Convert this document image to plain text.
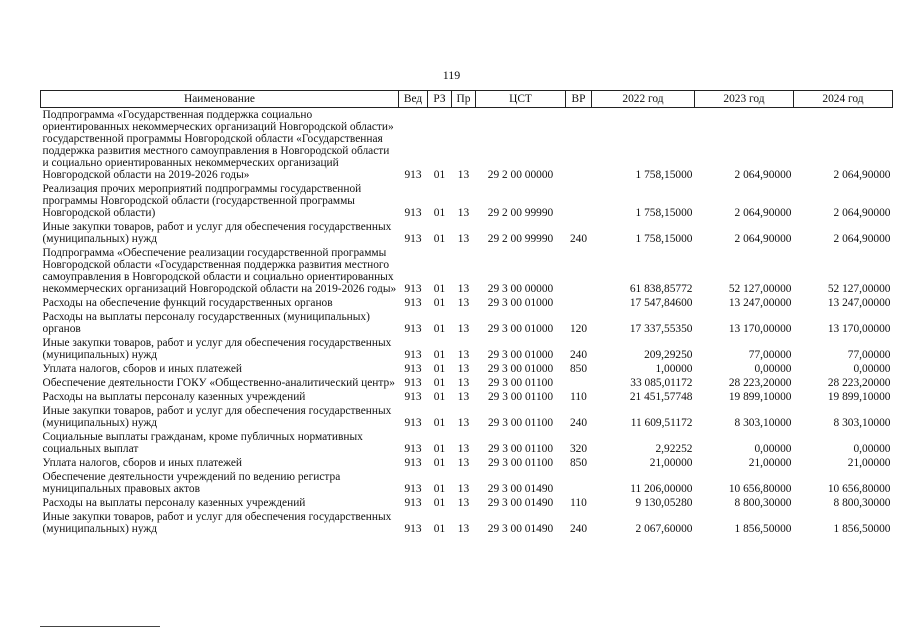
119
Наименование	Вед	РЗ	Пр	ЦСТ	ВР	2022 год	2023 год	2024 год
Подпрограмма «Государственная поддержка социально ориентированных некоммерческих организаций Новгородской области» государственной программы Новгородской области «Государственная поддержка развития местного самоуправления в Новгородской области и социально ориентированных некоммерческих организаций Новгородской области на 2019-2026 годы»	913	01	13	29 2 00 00000		1 758,15000	2 064,90000	2 064,90000
Реализация прочих мероприятий подпрограммы государственной программы Новгородской области (государственной программы Новгородской области)	913	01	13	29 2 00 99990		1 758,15000	2 064,90000	2 064,90000
Иные закупки товаров, работ и услуг для обеспечения государственных (муниципальных) нужд	913	01	13	29 2 00 99990	240	1 758,15000	2 064,90000	2 064,90000
Подпрограмма «Обеспечение реализации государственной программы Новгородской области «Государственная поддержка развития местного самоуправления в Новгородской области и социально ориентированных некоммерческих организаций Новгородской области на 2019-2026 годы»	913	01	13	29 3 00 00000		61 838,85772	52 127,00000	52 127,00000
Расходы на обеспечение функций государственных органов	913	01	13	29 3 00 01000		17 547,84600	13 247,00000	13 247,00000
Расходы на выплаты персоналу государственных (муниципальных) органов	913	01	13	29 3 00 01000	120	17 337,55350	13 170,00000	13 170,00000
Иные закупки товаров, работ и услуг для обеспечения государственных (муниципальных) нужд	913	01	13	29 3 00 01000	240	209,29250	77,00000	77,00000
Уплата налогов, сборов и иных платежей	913	01	13	29 3 00 01000	850	1,00000	0,00000	0,00000
Обеспечение деятельности ГОКУ «Общественно-аналитический центр»	913	01	13	29 3 00 01100		33 085,01172	28 223,20000	28 223,20000
Расходы на выплаты персоналу казенных учреждений	913	01	13	29 3 00 01100	110	21 451,57748	19 899,10000	19 899,10000
Иные закупки товаров, работ и услуг для обеспечения государственных (муниципальных) нужд	913	01	13	29 3 00 01100	240	11 609,51172	8 303,10000	8 303,10000
Социальные выплаты гражданам, кроме публичных нормативных социальных выплат	913	01	13	29 3 00 01100	320	2,92252	0,00000	0,00000
Уплата налогов, сборов и иных платежей	913	01	13	29 3 00 01100	850	21,00000	21,00000	21,00000
Обеспечение деятельности учреждений по ведению регистра муниципальных правовых актов	913	01	13	29 3 00 01490		11 206,00000	10 656,80000	10 656,80000
Расходы на выплаты персоналу казенных учреждений	913	01	13	29 3 00 01490	110	9 130,05280	8 800,30000	8 800,30000
Иные закупки товаров, работ и услуг для обеспечения государственных (муниципальных) нужд	913	01	13	29 3 00 01490	240	2 067,60000	1 856,50000	1 856,50000
